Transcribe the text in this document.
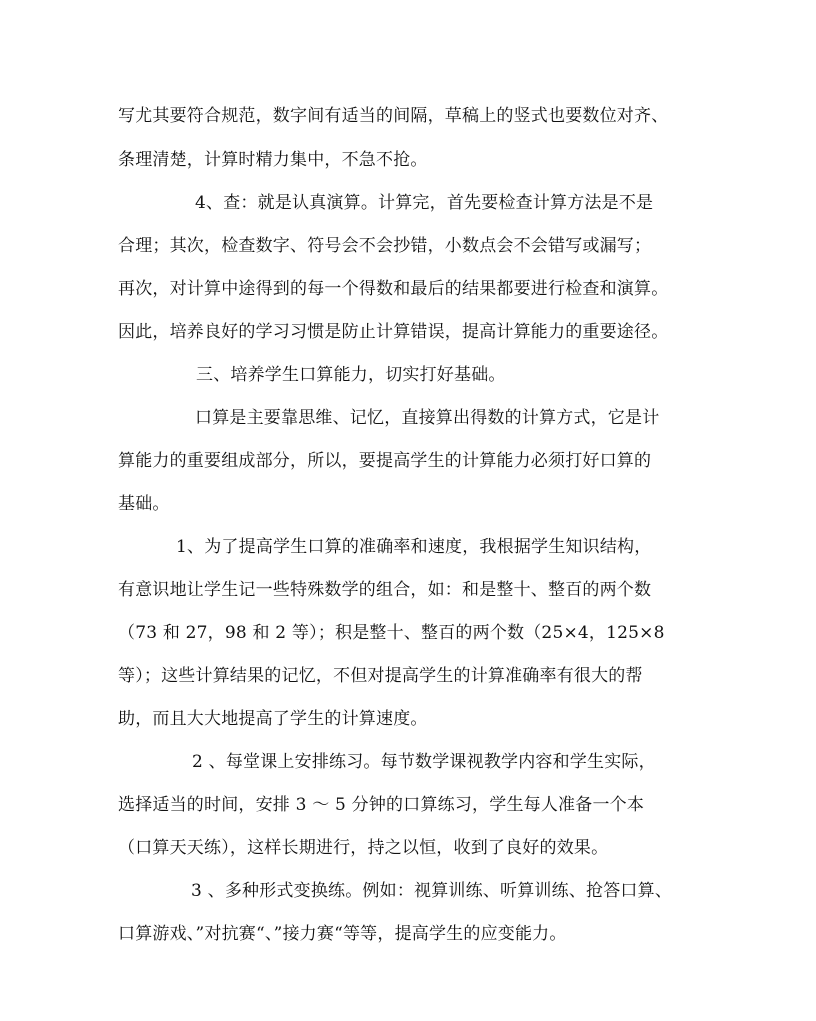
写尤其要符合规范，数字间有适当的间隔，草稿上的竖式也要数位对齐、
条理清楚，计算时精力集中，不急不抢。
4、查：就是认真演算。计算完，首先要检查计算方法是不是
合理；其次，检查数字、符号会不会抄错，小数点会不会错写或漏写；
再次，对计算中途得到的每一个得数和最后的结果都要进行检查和演算。
因此，培养良好的学习习惯是防止计算错误，提高计算能力的重要途径。
三、培养学生口算能力，切实打好基础。
口算是主要靠思维、记忆，直接算出得数的计算方式，它是计
算能力的重要组成部分，所以，要提高学生的计算能力必须打好口算的
基础。
1、为了提高学生口算的准确率和速度，我根据学生知识结构，
有意识地让学生记一些特殊数学的组合，如：和是整十、整百的两个数
（73 和 27，98 和 2 等）；积是整十、整百的两个数（25×4，125×8
等）；这些计算结果的记忆，不但对提高学生的计算准确率有很大的帮
助，而且大大地提高了学生的计算速度。
2 、每堂课上安排练习。每节数学课视教学内容和学生实际，
选择适当的时间，安排 3 ～ 5 分钟的口算练习，学生每人准备一个本
（口算天天练），这样长期进行，持之以恒，收到了良好的效果。
3 、多种形式变换练。例如：视算训练、听算训练、抢答口算、
口算游戏、”对抗赛“、”接力赛“等等，提高学生的应变能力。
